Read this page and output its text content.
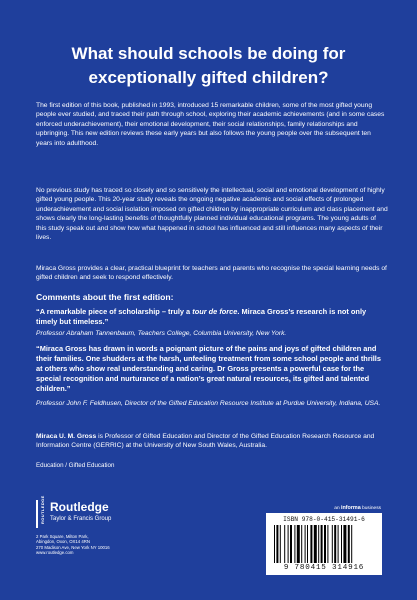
What should schools be doing for exceptionally gifted children?
The first edition of this book, published in 1993, introduced 15 remarkable children, some of the most gifted young people ever studied, and traced their path through school, exploring their academic achievements (and in some cases enforced underachievement), their emotional development, their social relationships, family relationships and upbringing. This new edition reviews these early years but also follows the young people over the subsequent ten years into adulthood.
No previous study has traced so closely and so sensitively the intellectual, social and emotional development of highly gifted young people. This 20-year study reveals the ongoing negative academic and social effects of prolonged underachievement and social isolation imposed on gifted children by inappropriate curriculum and class placement and shows clearly the long-lasting benefits of thoughtfully planned individual educational programs. The young adults of this study speak out and show how what happened in school has influenced and still influences many aspects of their lives.
Miraca Gross provides a clear, practical blueprint for teachers and parents who recognise the special learning needs of gifted children and seek to respond effectively.
Comments about the first edition:
“A remarkable piece of scholarship – truly a tour de force. Miraca Gross’s research is not only timely but timeless.”
Professor Abraham Tannenbaum, Teachers College, Columbia University, New York.
“Miraca Gross has drawn in words a poignant picture of the pains and joys of gifted children and their families. One shudders at the harsh, unfeeling treatment from some school people and thrills at others who show real understanding and caring. Dr Gross presents a powerful case for the special recognition and nurturance of a nation’s great natural resources, its gifted and talented children.”
Professor John F. Feldhusen, Director of the Gifted Education Resource Institute at Purdue University, Indiana, USA.
Miraca U. M. Gross is Professor of Gifted Education and Director of the Gifted Education Research Resource and Information Centre (GERRIC) at the University of New South Wales, Australia.
Education / Gifted Education
ROUTLEDGE Routledge
Taylor & Francis Group
2 Park Square, Milton Park,
Abingdon, Oxon, OX14 4RN
270 Madison Ave, New York NY 10016
www.routledge.com
an informa business
ISBN 978-0-415-31491-6
9 780415 314916
